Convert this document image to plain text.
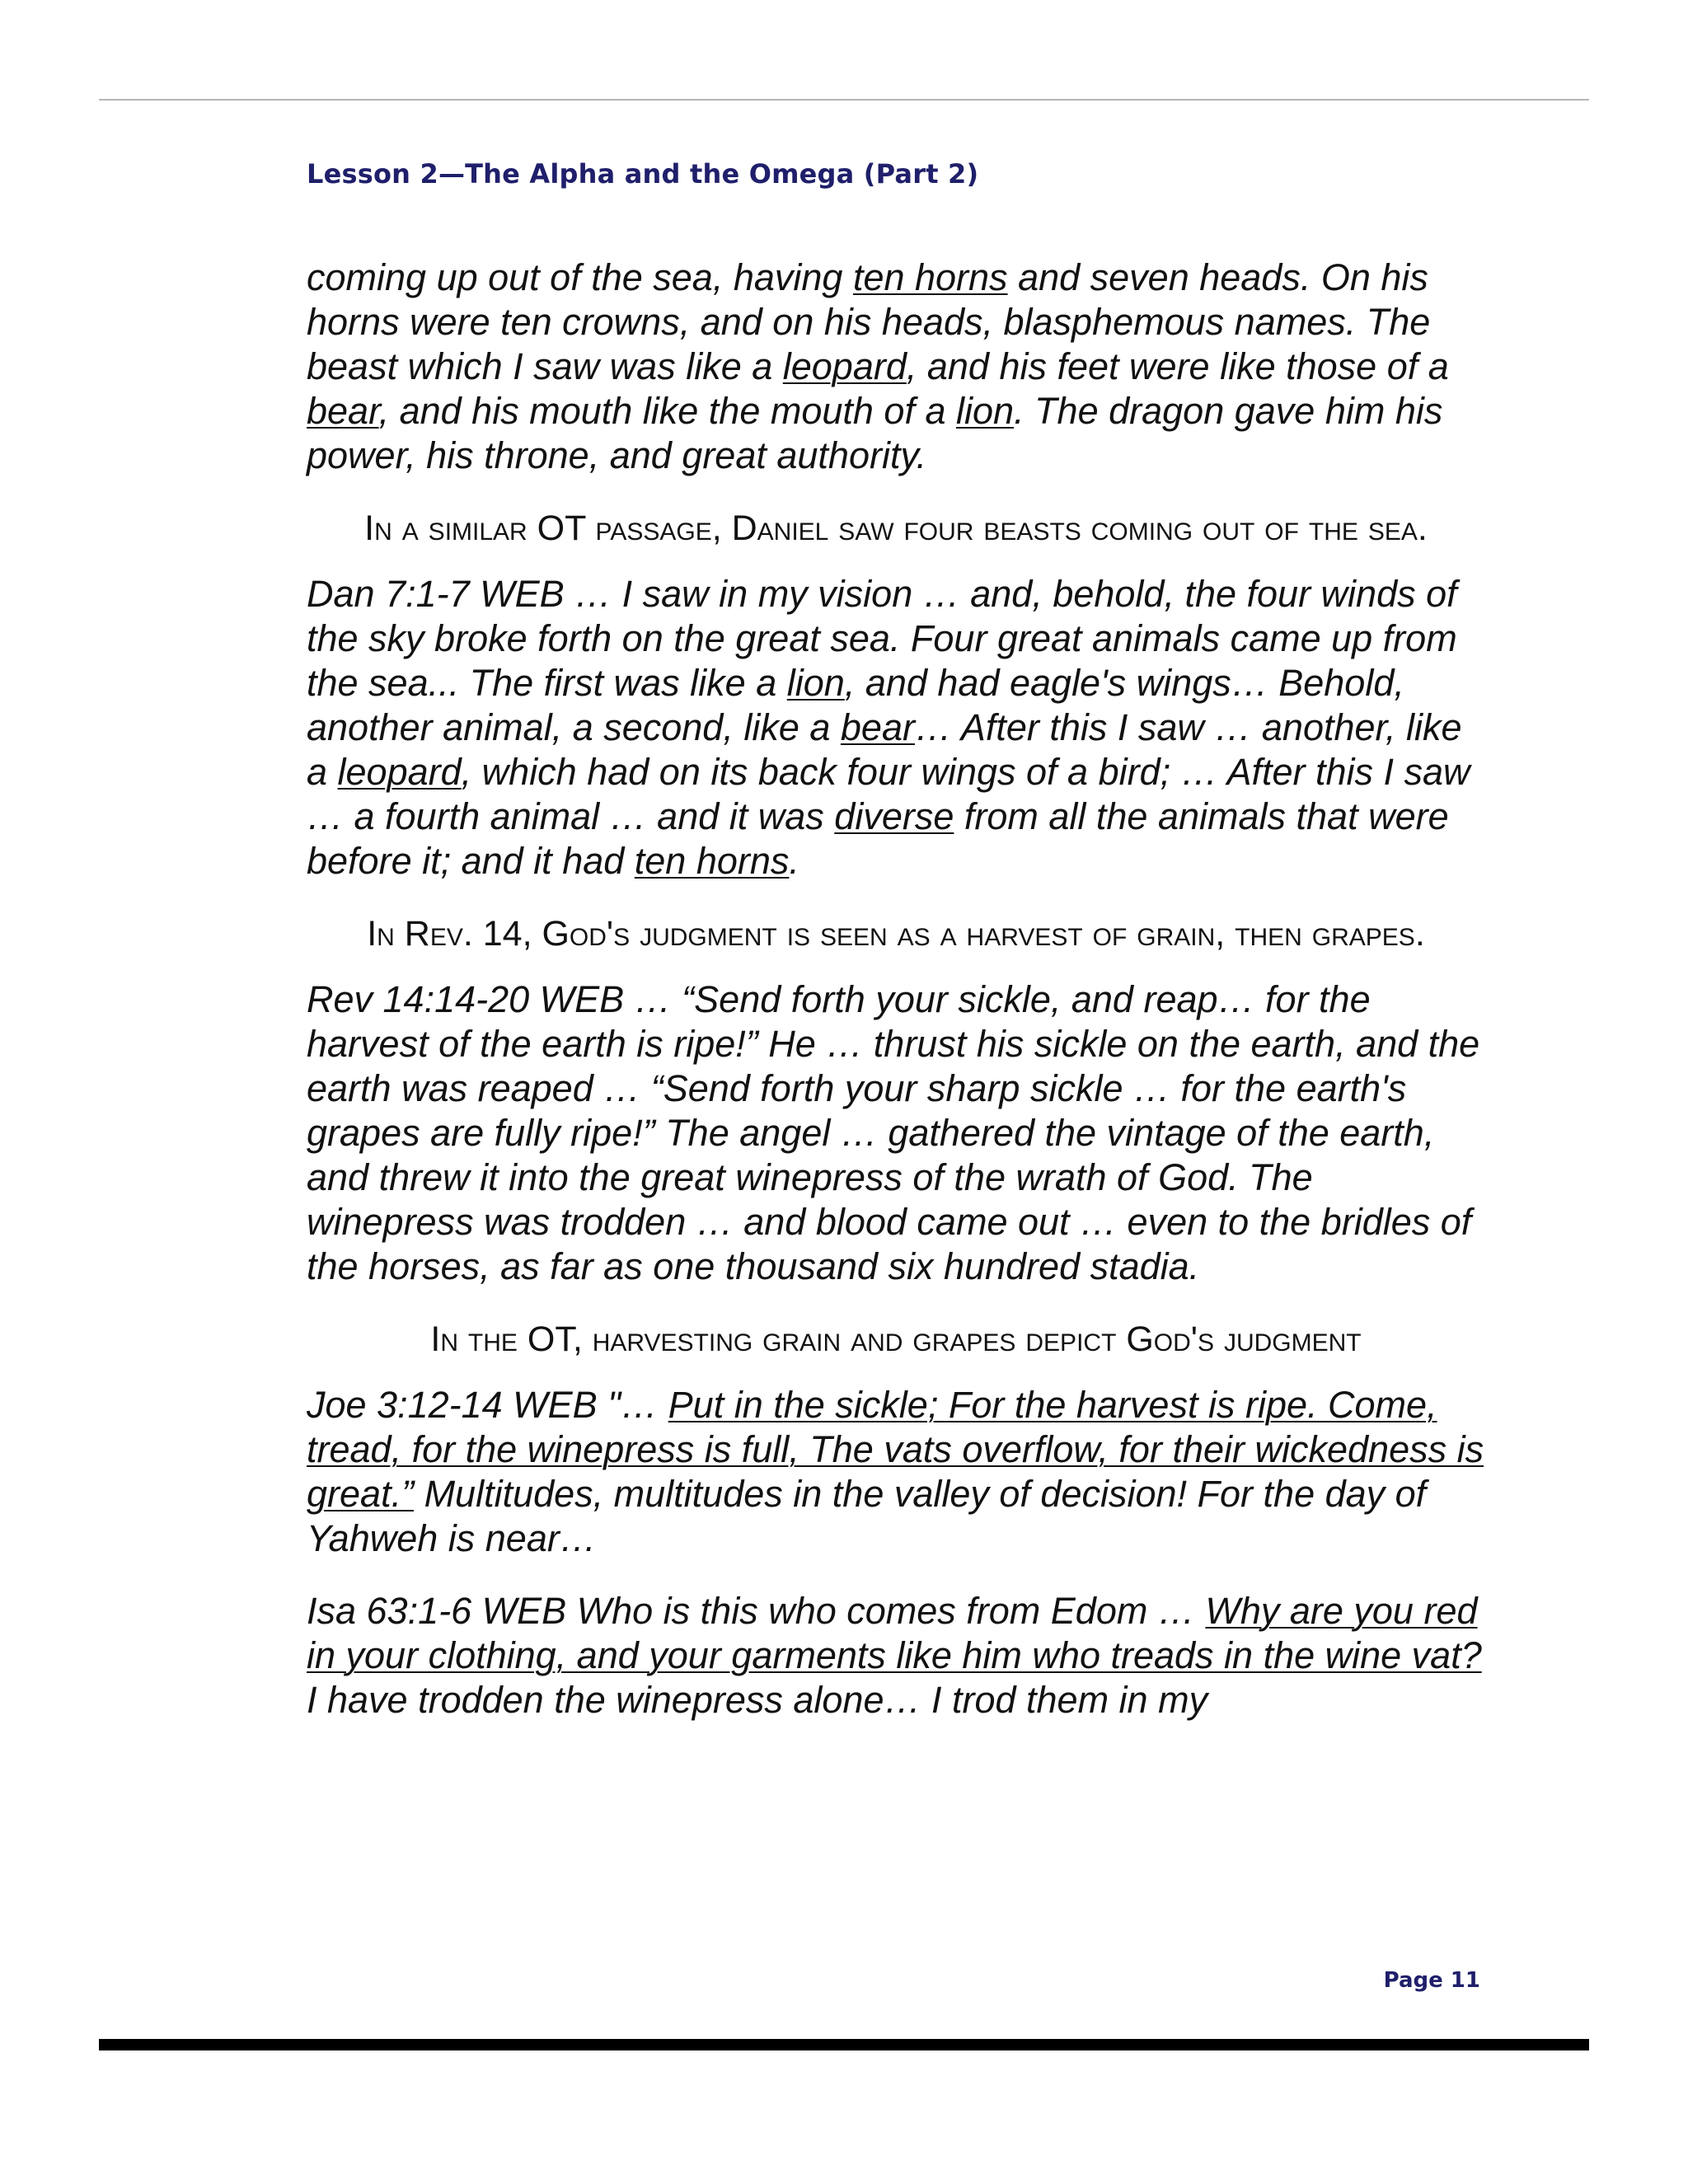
Lesson 2—The Alpha and the Omega (Part 2)

coming up out of the sea, having ten horns and seven heads. On his horns were ten crowns, and on his heads, blasphemous names. The beast which I saw was like a leopard, and his feet were like those of a bear, and his mouth like the mouth of a lion. The dragon gave him his power, his throne, and great authority.

In a similar OT passage, Daniel saw four beasts coming out of the sea.

Dan 7:1-7 WEB … I saw in my vision … and, behold, the four winds of the sky broke forth on the great sea. Four great animals came up from the sea... The first was like a lion, and had eagle's wings… Behold, another animal, a second, like a bear… After this I saw … another, like a leopard, which had on its back four wings of a bird; … After this I saw … a fourth animal … and it was diverse from all the animals that were before it; and it had ten horns.

In Rev. 14, God's judgment is seen as a harvest of grain, then grapes.

Rev 14:14-20 WEB … “Send forth your sickle, and reap… for the harvest of the earth is ripe!” He … thrust his sickle on the earth, and the earth was reaped … “Send forth your sharp sickle … for the earth's grapes are fully ripe!” The angel … gathered the vintage of the earth, and threw it into the great winepress of the wrath of God. The winepress was trodden … and blood came out … even to the bridles of the horses, as far as one thousand six hundred stadia.

In the OT, harvesting grain and grapes depict God's judgment

Joe 3:12-14 WEB "… Put in the sickle; For the harvest is ripe. Come, tread, for the winepress is full, The vats overflow, for their wickedness is great.” Multitudes, multitudes in the valley of decision! For the day of Yahweh is near…

Isa 63:1-6 WEB Who is this who comes from Edom … Why are you red in your clothing, and your garments like him who treads in the wine vat? I have trodden the winepress alone… I trod them in my

Page 11
